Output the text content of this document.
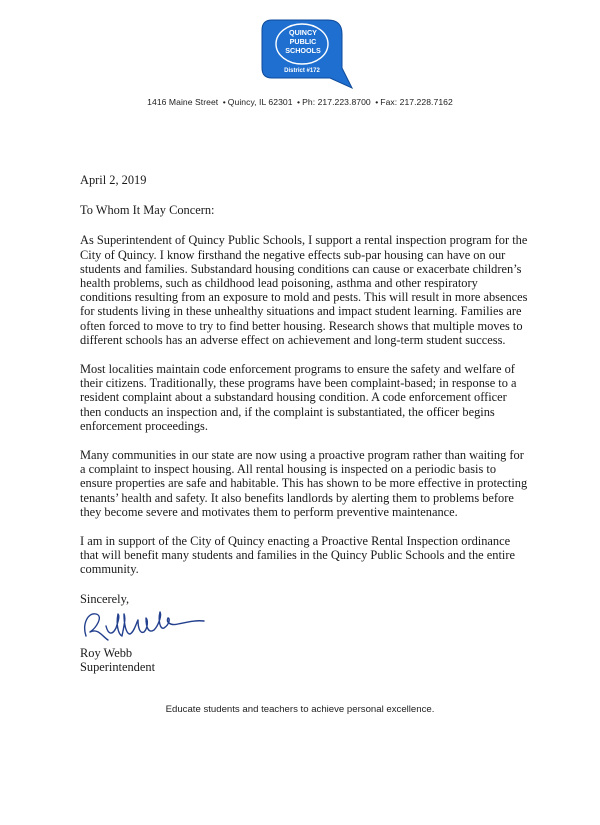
QUINCY
PUBLIC
SCHOOLS
District #172
1416 Maine Street • Quincy, IL 62301 • Ph: 217.223.8700 • Fax: 217.228.7162

April 2, 2019

To Whom It May Concern:

As Superintendent of Quincy Public Schools, I support a rental inspection program for the City of Quincy. I know firsthand the negative effects sub-par housing can have on our students and families. Substandard housing conditions can cause or exacerbate children’s health problems, such as childhood lead poisoning, asthma and other respiratory conditions resulting from an exposure to mold and pests. This will result in more absences for students living in these unhealthy situations and impact student learning. Families are often forced to move to try to find better housing. Research shows that multiple moves to different schools has an adverse effect on achievement and long-term student success.

Most localities maintain code enforcement programs to ensure the safety and welfare of their citizens. Traditionally, these programs have been complaint-based; in response to a resident complaint about a substandard housing condition. A code enforcement officer then conducts an inspection and, if the complaint is substantiated, the officer begins enforcement proceedings.

Many communities in our state are now using a proactive program rather than waiting for a complaint to inspect housing. All rental housing is inspected on a periodic basis to ensure properties are safe and habitable. This has shown to be more effective in protecting tenants’ health and safety. It also benefits landlords by alerting them to problems before they become severe and motivates them to perform preventive maintenance.

I am in support of the City of Quincy enacting a Proactive Rental Inspection ordinance that will benefit many students and families in the Quincy Public Schools and the entire community.

Sincerely,

Roy Webb

Superintendent

Educate students and teachers to achieve personal excellence.
